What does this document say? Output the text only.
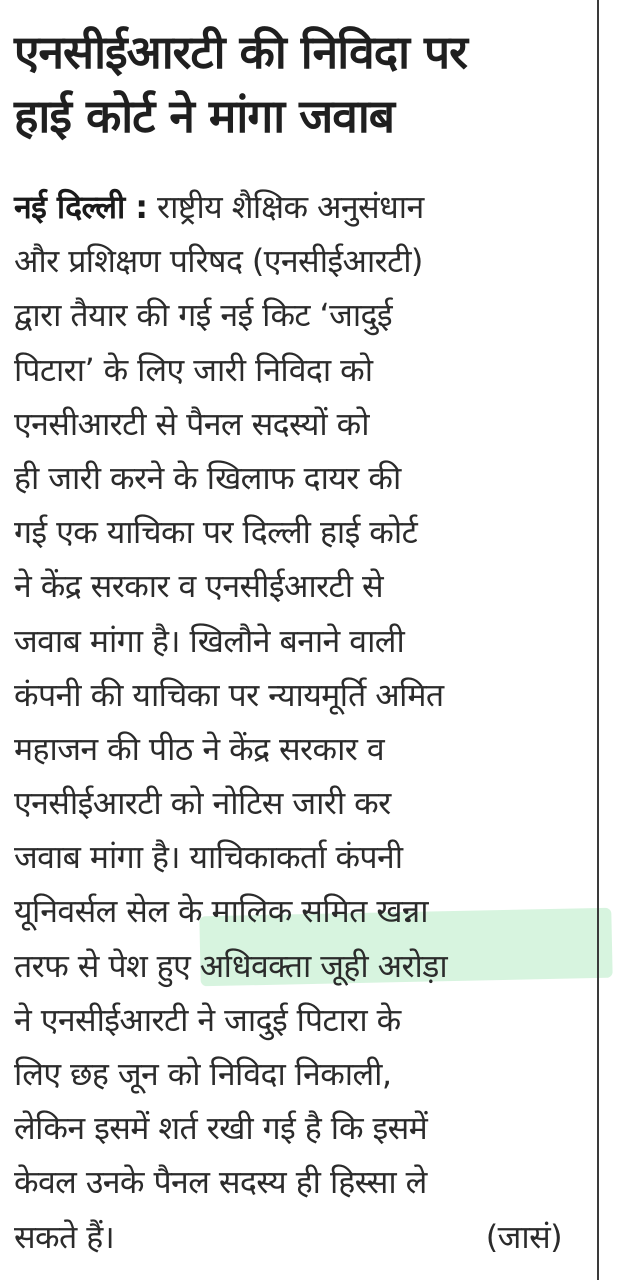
एनसीईआरटी की निविदा पर
हाई कोर्ट ने मांगा जवाब
नई दिल्ली : राष्ट्रीय शैक्षिक अनुसंधान
और प्रशिक्षण परिषद (एनसीईआरटी)
द्वारा तैयार की गई नई किट ‘जादुई
पिटारा’ के लिए जारी निविदा को
एनसीआरटी से पैनल सदस्यों को
ही जारी करने के खिलाफ दायर की
गई एक याचिका पर दिल्ली हाई कोर्ट
ने केंद्र सरकार व एनसीईआरटी से
जवाब मांगा है। खिलौने बनाने वाली
कंपनी की याचिका पर न्यायमूर्ति अमित
महाजन की पीठ ने केंद्र सरकार व
एनसीईआरटी को नोटिस जारी कर
जवाब मांगा है। याचिकाकर्ता कंपनी
यूनिवर्सल सेल के मालिक समित खन्ना
तरफ से पेश हुए अधिवक्ता जूही अरोड़ा
ने एनसीईआरटी ने जादुई पिटारा के
लिए छह जून को निविदा निकाली,
लेकिन इसमें शर्त रखी गई है कि इसमें
केवल उनके पैनल सदस्य ही हिस्सा ले
सकते हैं।	(जासं)
